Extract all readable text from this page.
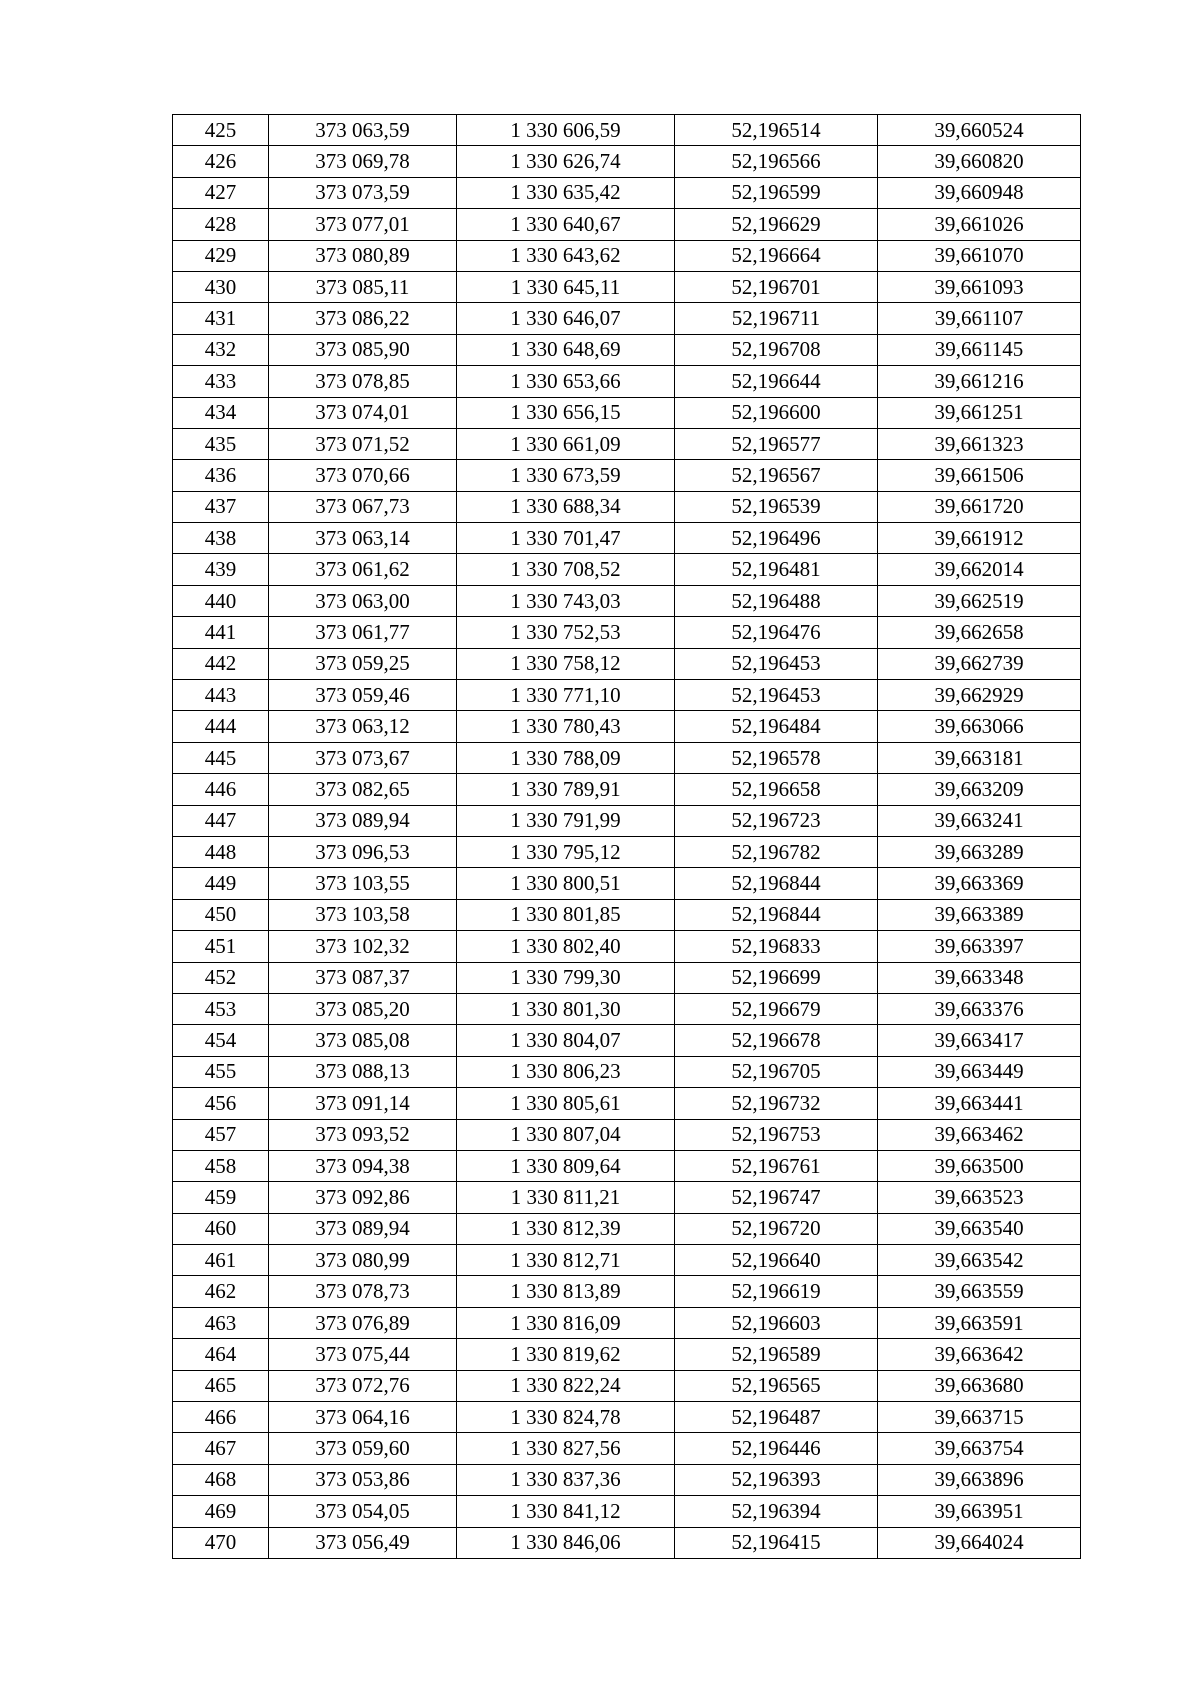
425	373 063,59	1 330 606,59	52,196514	39,660524
426	373 069,78	1 330 626,74	52,196566	39,660820
427	373 073,59	1 330 635,42	52,196599	39,660948
428	373 077,01	1 330 640,67	52,196629	39,661026
429	373 080,89	1 330 643,62	52,196664	39,661070
430	373 085,11	1 330 645,11	52,196701	39,661093
431	373 086,22	1 330 646,07	52,196711	39,661107
432	373 085,90	1 330 648,69	52,196708	39,661145
433	373 078,85	1 330 653,66	52,196644	39,661216
434	373 074,01	1 330 656,15	52,196600	39,661251
435	373 071,52	1 330 661,09	52,196577	39,661323
436	373 070,66	1 330 673,59	52,196567	39,661506
437	373 067,73	1 330 688,34	52,196539	39,661720
438	373 063,14	1 330 701,47	52,196496	39,661912
439	373 061,62	1 330 708,52	52,196481	39,662014
440	373 063,00	1 330 743,03	52,196488	39,662519
441	373 061,77	1 330 752,53	52,196476	39,662658
442	373 059,25	1 330 758,12	52,196453	39,662739
443	373 059,46	1 330 771,10	52,196453	39,662929
444	373 063,12	1 330 780,43	52,196484	39,663066
445	373 073,67	1 330 788,09	52,196578	39,663181
446	373 082,65	1 330 789,91	52,196658	39,663209
447	373 089,94	1 330 791,99	52,196723	39,663241
448	373 096,53	1 330 795,12	52,196782	39,663289
449	373 103,55	1 330 800,51	52,196844	39,663369
450	373 103,58	1 330 801,85	52,196844	39,663389
451	373 102,32	1 330 802,40	52,196833	39,663397
452	373 087,37	1 330 799,30	52,196699	39,663348
453	373 085,20	1 330 801,30	52,196679	39,663376
454	373 085,08	1 330 804,07	52,196678	39,663417
455	373 088,13	1 330 806,23	52,196705	39,663449
456	373 091,14	1 330 805,61	52,196732	39,663441
457	373 093,52	1 330 807,04	52,196753	39,663462
458	373 094,38	1 330 809,64	52,196761	39,663500
459	373 092,86	1 330 811,21	52,196747	39,663523
460	373 089,94	1 330 812,39	52,196720	39,663540
461	373 080,99	1 330 812,71	52,196640	39,663542
462	373 078,73	1 330 813,89	52,196619	39,663559
463	373 076,89	1 330 816,09	52,196603	39,663591
464	373 075,44	1 330 819,62	52,196589	39,663642
465	373 072,76	1 330 822,24	52,196565	39,663680
466	373 064,16	1 330 824,78	52,196487	39,663715
467	373 059,60	1 330 827,56	52,196446	39,663754
468	373 053,86	1 330 837,36	52,196393	39,663896
469	373 054,05	1 330 841,12	52,196394	39,663951
470	373 056,49	1 330 846,06	52,196415	39,664024
